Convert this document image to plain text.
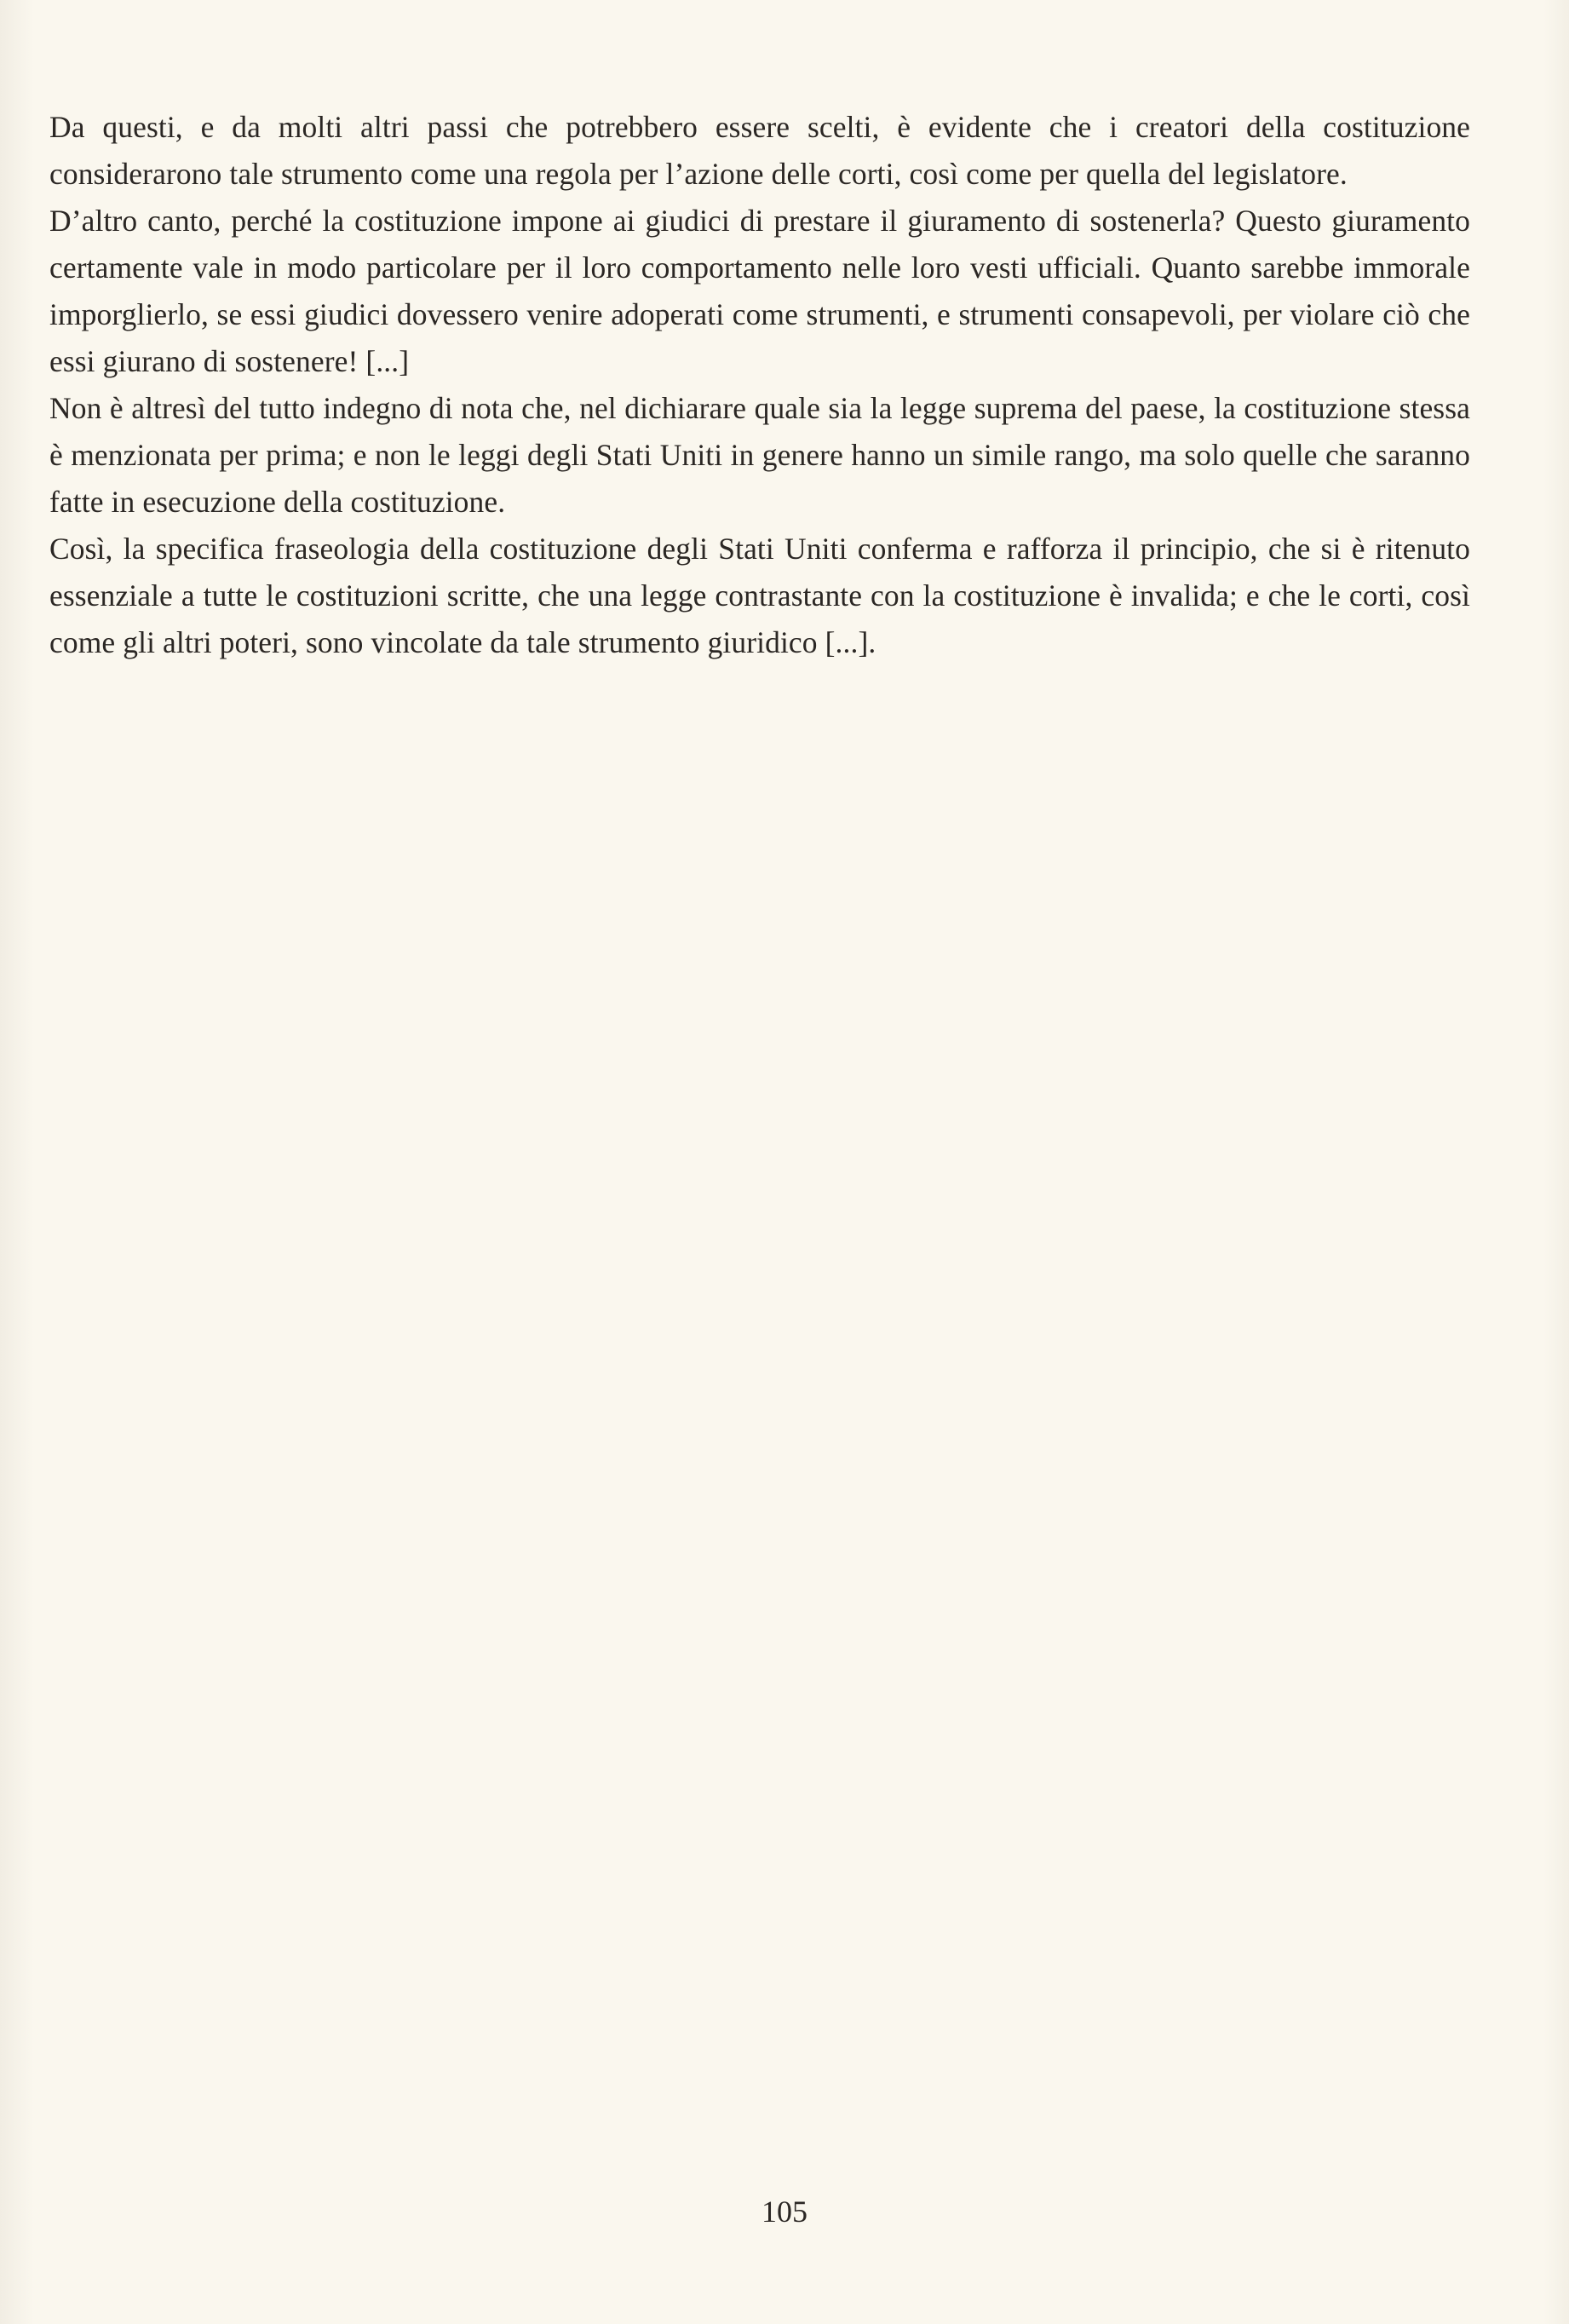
Da questi, e da molti altri passi che potrebbero essere scelti, è evidente che i creatori della costituzione considerarono tale strumento come una regola per l’azione delle corti, così come per quella del legislatore.

D’altro canto, perché la costituzione impone ai giudici di prestare il giuramento di sostenerla? Questo giuramento certamente vale in modo particolare per il loro comportamento nelle loro vesti ufficiali. Quanto sarebbe immorale imporglierlo, se essi giudici dovessero venire adoperati come strumenti, e strumenti consapevoli, per violare ciò che essi giurano di sostenere! [...]

Non è altresì del tutto indegno di nota che, nel dichiarare quale sia la legge suprema del paese, la costituzione stessa è menzionata per prima; e non le leggi degli Stati Uniti in genere hanno un simile rango, ma solo quelle che saranno fatte in esecuzione della costituzione.

Così, la specifica fraseologia della costituzione degli Stati Uniti conferma e rafforza il principio, che si è ritenuto essenziale a tutte le costituzioni scritte, che una legge contrastante con la costituzione è invalida; e che le corti, così come gli altri poteri, sono vincolate da tale strumento giuridico [...].

105
